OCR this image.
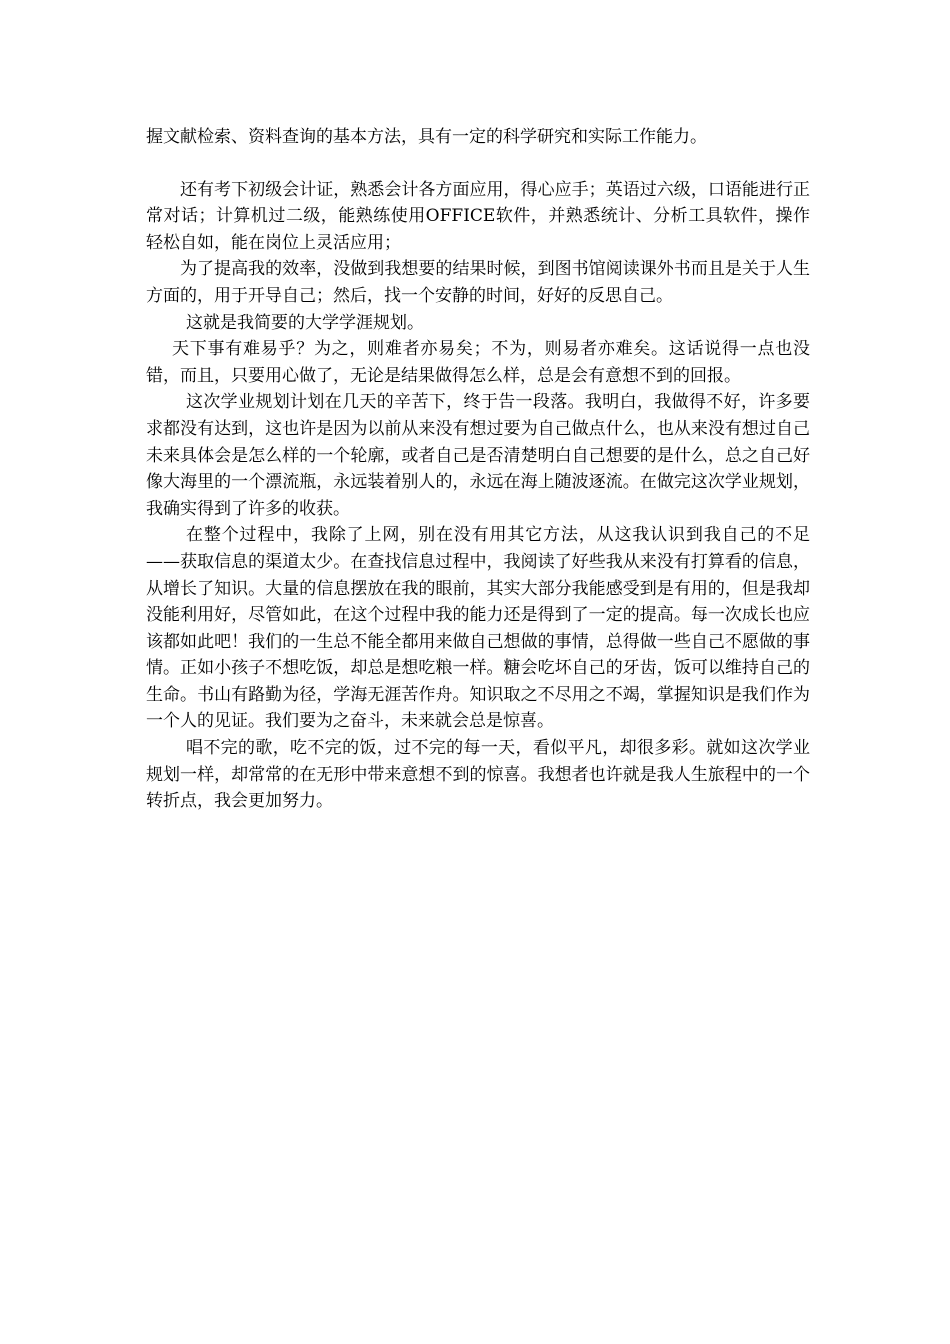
握文献检索、资料查询的基本方法，具有一定的科学研究和实际工作能力。

还有考下初级会计证，熟悉会计各方面应用，得心应手；英语过六级，口语能进行正常对话；计算机过二级，能熟练使用OFFICE软件，并熟悉统计、分析工具软件，操作轻松自如，能在岗位上灵活应用；

为了提高我的效率，没做到我想要的结果时候，到图书馆阅读课外书而且是关于人生方面的，用于开导自己；然后，找一个安静的时间，好好的反思自己。

这就是我简要的大学学涯规划。

天下事有难易乎？为之，则难者亦易矣；不为，则易者亦难矣。这话说得一点也没错，而且，只要用心做了，无论是结果做得怎么样，总是会有意想不到的回报。

这次学业规划计划在几天的辛苦下，终于告一段落。我明白，我做得不好，许多要求都没有达到，这也许是因为以前从来没有想过要为自己做点什么，也从来没有想过自己未来具体会是怎么样的一个轮廓，或者自己是否清楚明白自己想要的是什么，总之自己好像大海里的一个漂流瓶，永远装着别人的，永远在海上随波逐流。在做完这次学业规划，我确实得到了许多的收获。

在整个过程中，我除了上网，别在没有用其它方法，从这我认识到我自己的不足——获取信息的渠道太少。在查找信息过程中，我阅读了好些我从来没有打算看的信息，从增长了知识。大量的信息摆放在我的眼前，其实大部分我能感受到是有用的，但是我却没能利用好，尽管如此，在这个过程中我的能力还是得到了一定的提高。每一次成长也应该都如此吧！我们的一生总不能全都用来做自己想做的事情，总得做一些自己不愿做的事情。正如小孩子不想吃饭，却总是想吃粮一样。糖会吃坏自己的牙齿，饭可以维持自己的生命。书山有路勤为径，学海无涯苦作舟。知识取之不尽用之不竭，掌握知识是我们作为一个人的见证。我们要为之奋斗，未来就会总是惊喜。

唱不完的歌，吃不完的饭，过不完的每一天，看似平凡，却很多彩。就如这次学业规划一样，却常常的在无形中带来意想不到的惊喜。我想者也许就是我人生旅程中的一个转折点，我会更加努力。
